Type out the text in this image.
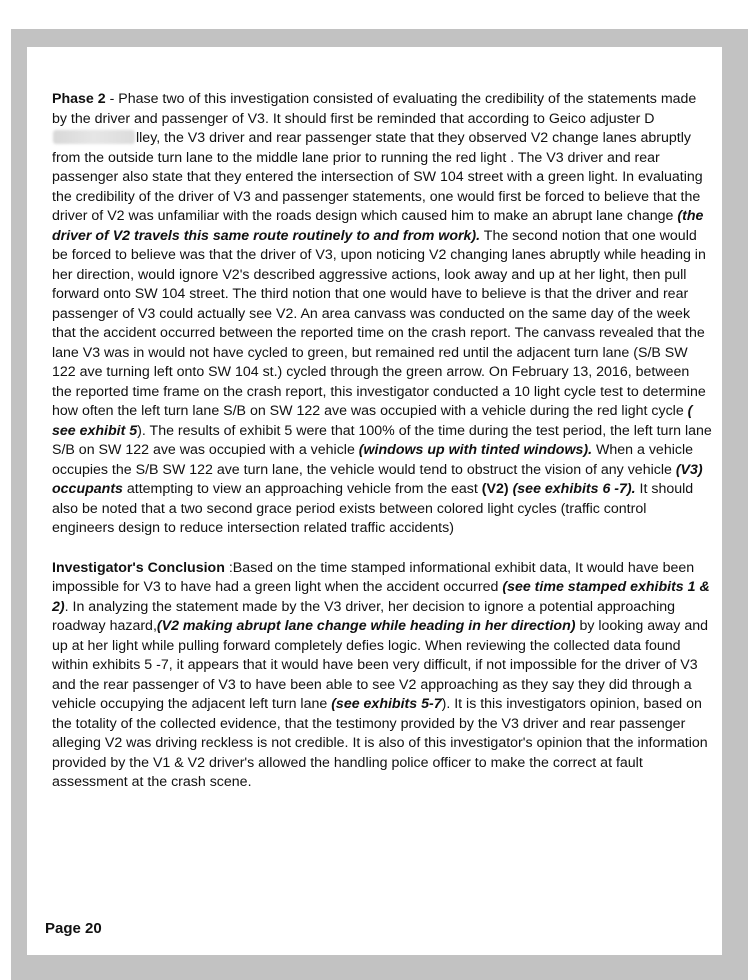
Phase 2 - Phase two of this investigation consisted of evaluating the credibility of the statements made by the driver and passenger of V3. It should first be reminded that according to Geico adjuster Dlley, the V3 driver and rear passenger state that they observed V2 change lanes abruptly from the outside turn lane to the middle lane prior to running the red light . The V3 driver and rear passenger also state that they entered the intersection of SW 104 street with a green light. In evaluating the credibility of the driver of V3 and passenger statements, one would first be forced to believe that the driver of V2 was unfamiliar with the roads design which caused him to make an abrupt lane change (the driver of V2 travels this same route routinely to and from work). The second notion that one would be forced to believe was that the driver of V3, upon noticing V2 changing lanes abruptly while heading in her direction, would ignore V2's described aggressive actions, look away and up at her light, then pull forward onto SW 104 street. The third notion that one would have to believe is that the driver and rear passenger of V3 could actually see V2. An area canvass was conducted on the same day of the week that the accident occurred between the reported time on the crash report. The canvass revealed that the lane V3 was in would not have cycled to green, but remained red until the adjacent turn lane (S/B SW 122 ave turning left onto SW 104 st.) cycled through the green arrow. On February 13, 2016, between the reported time frame on the crash report, this investigator conducted a 10 light cycle test to determine how often the left turn lane S/B on SW 122 ave was occupied with a vehicle during the red light cycle ( see exhibit 5). The results of exhibit 5 were that 100% of the time during the test period, the left turn lane S/B on SW 122 ave was occupied with a vehicle (windows up with tinted windows). When a vehicle occupies the S/B SW 122 ave turn lane, the vehicle would tend to obstruct the vision of any vehicle (V3) occupants attempting to view an approaching vehicle from the east (V2) (see exhibits 6 -7). It should also be noted that a two second grace period exists between colored light cycles (traffic control engineers design to reduce intersection related traffic accidents)

Investigator's Conclusion :Based on the time stamped informational exhibit data, It would have been impossible for V3 to have had a green light when the accident occurred (see time stamped exhibits 1 & 2). In analyzing the statement made by the V3 driver, her decision to ignore a potential approaching roadway hazard,(V2 making abrupt lane change while heading in her direction) by looking away and up at her light while pulling forward completely defies logic. When reviewing the collected data found within exhibits 5 -7, it appears that it would have been very difficult, if not impossible for the driver of V3 and the rear passenger of V3 to have been able to see V2 approaching as they say they did through a vehicle occupying the adjacent left turn lane (see exhibits 5-7). It is this investigators opinion, based on the totality of the collected evidence, that the testimony provided by the V3 driver and rear passenger alleging V2 was driving reckless is not credible. It is also of this investigator's opinion that the information provided by the V1 & V2 driver's allowed the handling police officer to make the correct at fault assessment at the crash scene.

Page 20
